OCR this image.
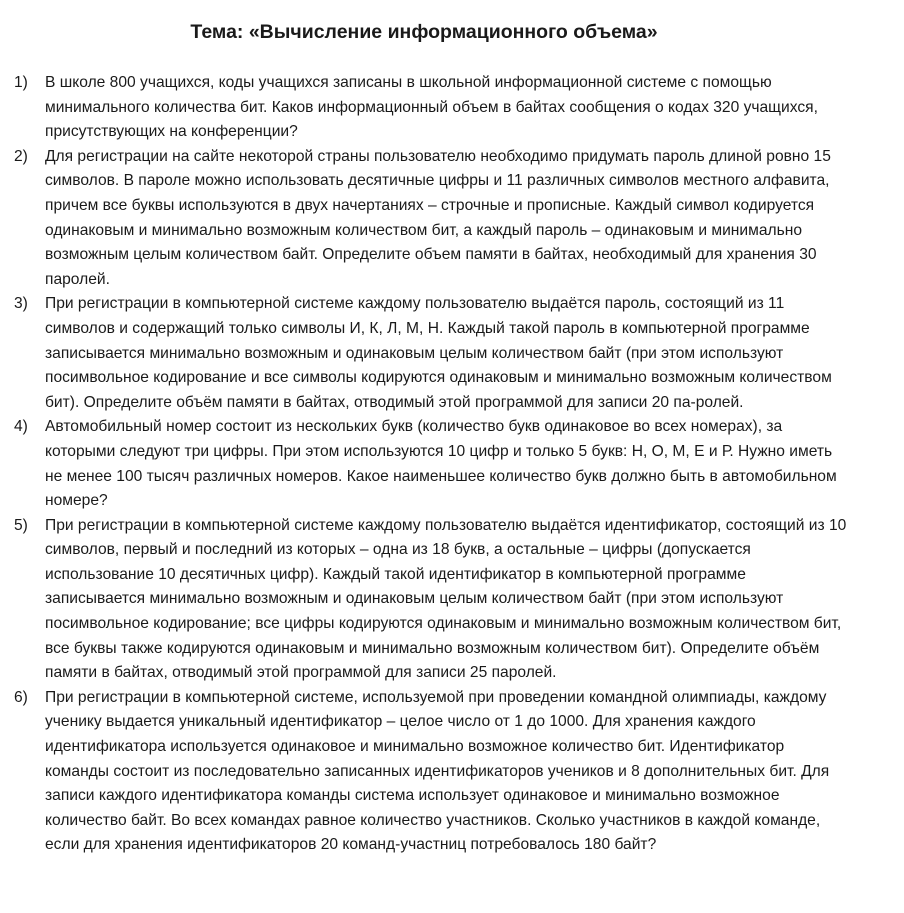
Тема: «Вычисление информационного объема»
1)	В школе 800 учащихся, коды учащихся записаны в школьной информационной системе с помощью минимального количества бит. Каков информационный объем в байтах сообщения о кодах 320 учащихся, присутствующих на конференции?
2)	Для регистрации на сайте некоторой страны пользователю необходимо придумать пароль длиной ровно 15 символов. В пароле можно использовать десятичные цифры и 11 различных символов местного алфавита, причем все буквы используются в двух начертаниях – строчные и прописные. Каждый символ кодируется одинаковым и минимально возможным количеством бит, а каждый пароль – одинаковым и минимально возможным целым количеством байт. Определите объем памяти в байтах, необходимый для хранения 30 паролей.
3)	При регистрации в компьютерной системе каждому пользователю выдаётся пароль, состоящий из 11 символов и содержащий только символы И, К, Л, М, Н. Каждый такой пароль в компьютерной программе записывается минимально возможным и одинаковым целым количеством байт (при этом используют посимвольное кодирование и все символы кодируются одинаковым и минимально возможным количеством бит). Определите объём памяти в байтах, отводимый этой программой для записи 20 па-ролей.
4)	Автомобильный номер состоит из нескольких букв (количество букв одинаковое во всех номерах), за которыми следуют три цифры. При этом используются 10 цифр и только 5 букв: Н, О, М, Е и Р. Нужно иметь не менее 100 тысяч различных номеров. Какое наименьшее количество букв должно быть в автомобильном номере?
5)	При регистрации в компьютерной системе каждому пользователю выдаётся идентификатор, состоящий из 10 символов, первый и последний из которых – одна из 18 букв, а остальные – цифры (допускается использование 10 десятичных цифр). Каждый такой идентификатор в компьютерной программе записывается минимально возможным и одинаковым целым количеством байт (при этом используют посимвольное кодирование; все цифры кодируются одинаковым и минимально возможным количеством бит, все буквы также кодируются одинаковым и минимально возможным количеством бит). Определите объём памяти в байтах, отводимый этой программой для записи 25 паролей.
6)	При регистрации в компьютерной системе, используемой при проведении командной олимпиады, каждому ученику выдается уникальный идентификатор – целое число от 1 до 1000. Для хранения каждого идентификатора используется одинаковое и минимально возможное количество бит. Идентификатор команды состоит из последовательно записанных идентификаторов учеников и 8 дополнительных бит. Для записи каждого идентификатора команды система использует одинаковое и минимально возможное количество байт. Во всех командах равное количество участников. Сколько участников в каждой команде, если для хранения идентификаторов 20 команд-участниц потребовалось 180 байт?
